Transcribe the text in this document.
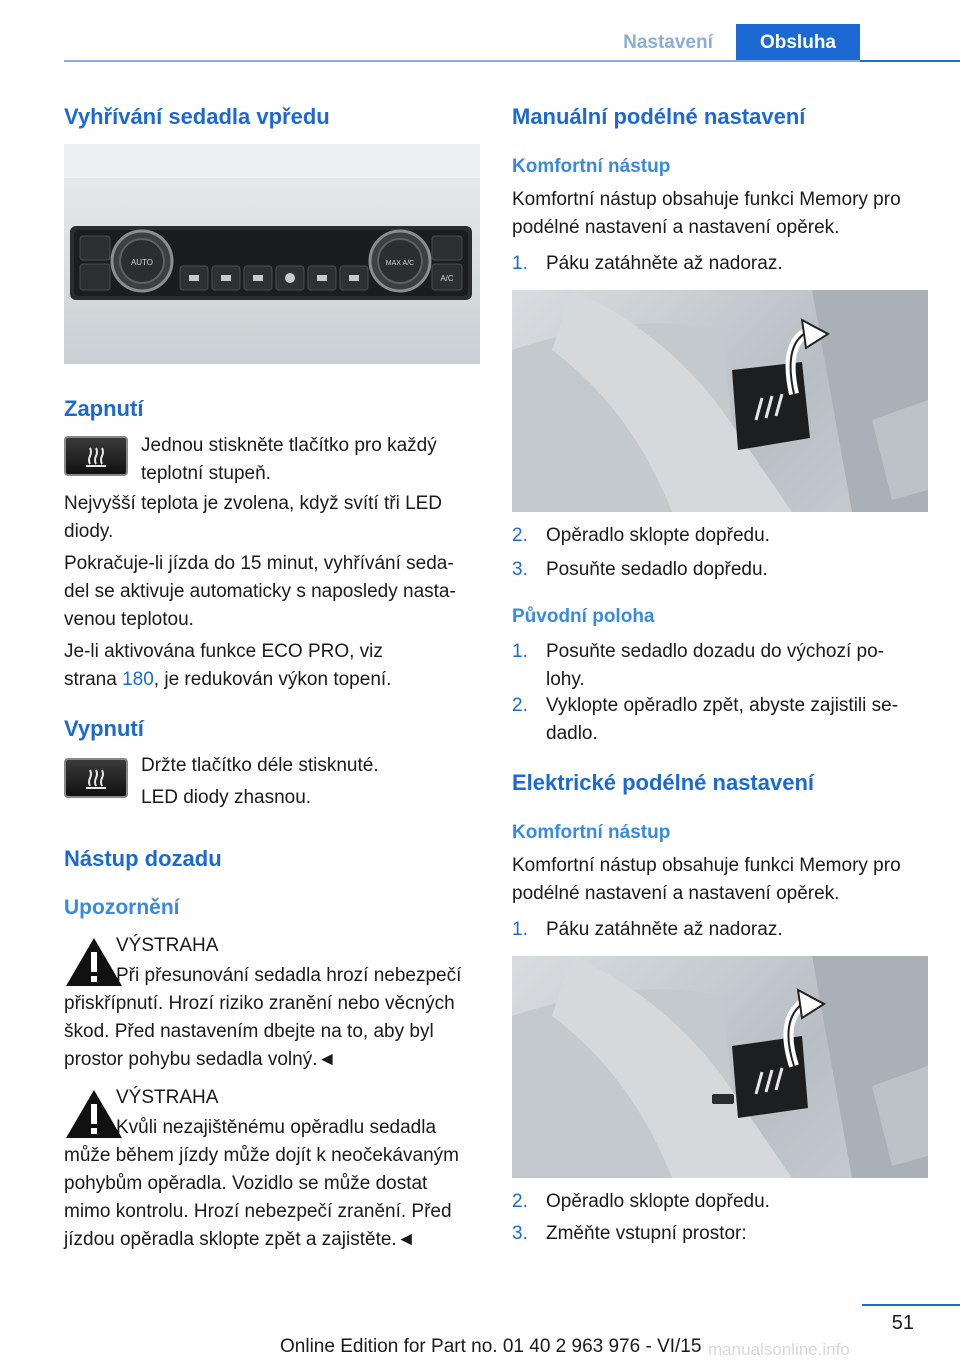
Nastavení	Obsluha
Vyhřívání sedadla vpředu
AUTO	MAX A/C
A/C
Zapnutí
Jednou stiskněte tlačítko pro každý
teplotní stupeň.
Nejvyšší teplota je zvolena, když svítí tři LED
diody.
Pokračuje-li jízda do 15 minut, vyhřívání seda-
del se aktivuje automaticky s naposledy nasta-
venou teplotou.
Je-li aktivována funkce ECO PRO, viz
strana 180, je redukován výkon topení.
Vypnutí
Držte tlačítko déle stisknuté.
LED diody zhasnou.
Nástup dozadu
Upozornění
VÝSTRAHA
Při přesunování sedadla hrozí nebezpečí
přiskřípnutí. Hrozí riziko zranění nebo věcných
škod. Před nastavením dbejte na to, aby byl
prostor pohybu sedadla volný.◄
VÝSTRAHA
Kvůli nezajištěnému opěradlu sedadla
může během jízdy může dojít k neočekávaným
pohybům opěradla. Vozidlo se může dostat
mimo kontrolu. Hrozí nebezpečí zranění. Před
jízdou opěradla sklopte zpět a zajistěte.◄
Manuální podélné nastavení
Komfortní nástup
Komfortní nástup obsahuje funkci Memory pro
podélné nastavení a nastavení opěrek.
1. Páku zatáhněte až nadoraz.
2. Opěradlo sklopte dopředu.
3. Posuňte sedadlo dopředu.
Původní poloha
1. Posuňte sedadlo dozadu do výchozí po-
lohy.
2. Vyklopte opěradlo zpět, abyste zajistili se-
dadlo.
Elektrické podélné nastavení
Komfortní nástup
Komfortní nástup obsahuje funkci Memory pro
podélné nastavení a nastavení opěrek.
1. Páku zatáhněte až nadoraz.
2. Opěradlo sklopte dopředu.
3. Změňte vstupní prostor:
51
Online Edition for Part no. 01 40 2 963 976 - VI/15 manualsonline.info
